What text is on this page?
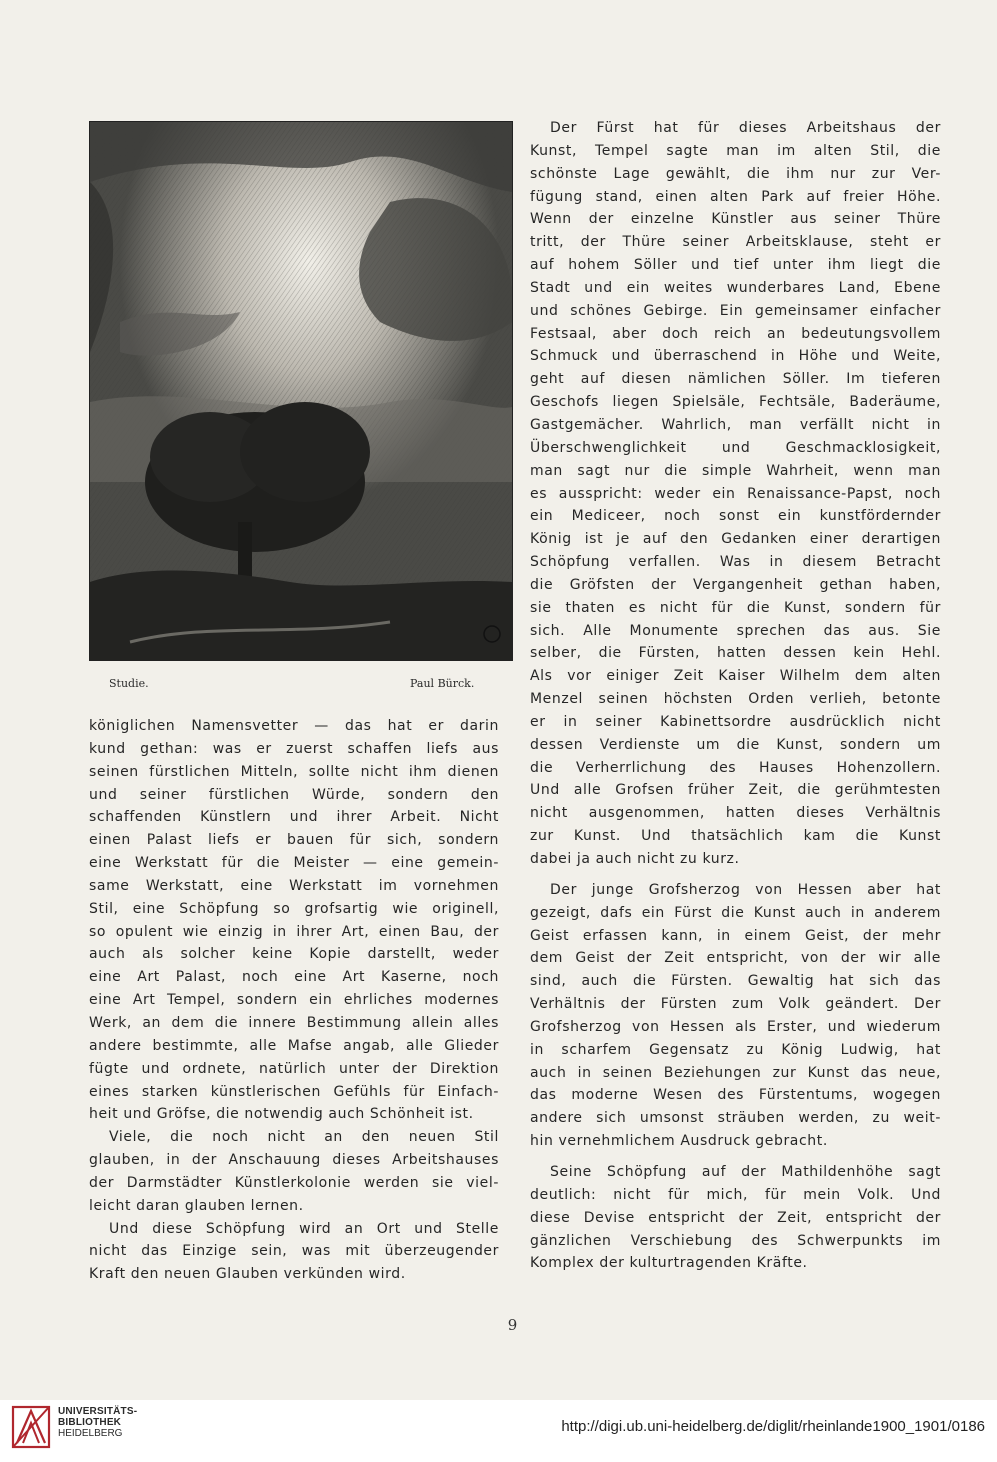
Studie.	Paul Bürck.
königlichen Namensvetter — das hat er darin
kund gethan: was er zuerst schaffen liefs aus
seinen fürstlichen Mitteln, sollte nicht ihm dienen
und seiner fürstlichen Würde, sondern den
schaffenden Künstlern und ihrer Arbeit. Nicht
einen Palast liefs er bauen für sich, sondern
eine Werkstatt für die Meister — eine gemein-
same Werkstatt, eine Werkstatt im vornehmen
Stil, eine Schöpfung so grofsartig wie originell,
so opulent wie einzig in ihrer Art, einen Bau, der
auch als solcher keine Kopie darstellt, weder
eine Art Palast, noch eine Art Kaserne, noch
eine Art Tempel, sondern ein ehrliches modernes
Werk, an dem die innere Bestimmung allein alles
andere bestimmte, alle Mafse angab, alle Glieder
fügte und ordnete, natürlich unter der Direktion
eines starken künstlerischen Gefühls für Einfach-
heit und Gröfse, die notwendig auch Schönheit ist.
Viele, die noch nicht an den neuen Stil
glauben, in der Anschauung dieses Arbeitshauses
der Darmstädter Künstlerkolonie werden sie viel-
leicht daran glauben lernen.
Und diese Schöpfung wird an Ort und Stelle
nicht das Einzige sein, was mit überzeugender
Kraft den neuen Glauben verkünden wird.
Der Fürst hat für dieses Arbeitshaus der
Kunst, Tempel sagte man im alten Stil, die
schönste Lage gewählt, die ihm nur zur Ver-
fügung stand, einen alten Park auf freier Höhe.
Wenn der einzelne Künstler aus seiner Thüre
tritt, der Thüre seiner Arbeitsklause, steht er
auf hohem Söller und tief unter ihm liegt die
Stadt und ein weites wunderbares Land, Ebene
und schönes Gebirge. Ein gemeinsamer einfacher
Festsaal, aber doch reich an bedeutungsvollem
Schmuck und überraschend in Höhe und Weite,
geht auf diesen nämlichen Söller. Im tieferen
Geschofs liegen Spielsäle, Fechtsäle, Baderäume,
Gastgemächer. Wahrlich, man verfällt nicht in
Überschwenglichkeit und Geschmacklosigkeit,
man sagt nur die simple Wahrheit, wenn man
es ausspricht: weder ein Renaissance-Papst, noch
ein Mediceer, noch sonst ein kunstfördernder
König ist je auf den Gedanken einer derartigen
Schöpfung verfallen. Was in diesem Betracht
die Gröfsten der Vergangenheit gethan haben,
sie thaten es nicht für die Kunst, sondern für
sich. Alle Monumente sprechen das aus. Sie
selber, die Fürsten, hatten dessen kein Hehl.
Als vor einiger Zeit Kaiser Wilhelm dem alten
Menzel seinen höchsten Orden verlieh, betonte
er in seiner Kabinettsordre ausdrücklich nicht
dessen Verdienste um die Kunst, sondern um
die Verherrlichung des Hauses Hohenzollern.
Und alle Grofsen früher Zeit, die gerühmtesten
nicht ausgenommen, hatten dieses Verhältnis
zur Kunst. Und thatsächlich kam die Kunst
dabei ja auch nicht zu kurz.
Der junge Grofsherzog von Hessen aber hat
gezeigt, dafs ein Fürst die Kunst auch in anderem
Geist erfassen kann, in einem Geist, der mehr
dem Geist der Zeit entspricht, von der wir alle
sind, auch die Fürsten. Gewaltig hat sich das
Verhältnis der Fürsten zum Volk geändert. Der
Grofsherzog von Hessen als Erster, und wiederum
in scharfem Gegensatz zu König Ludwig, hat
auch in seinen Beziehungen zur Kunst das neue,
das moderne Wesen des Fürstentums, wogegen
andere sich umsonst sträuben werden, zu weit-
hin vernehmlichem Ausdruck gebracht.
Seine Schöpfung auf der Mathildenhöhe sagt
deutlich: nicht für mich, für mein Volk. Und
diese Devise entspricht der Zeit, entspricht der
gänzlichen Verschiebung des Schwerpunkts im
Komplex der kulturtragenden Kräfte.
9
UNIVERSITÄTS-
BIBLIOTHEK
HEIDELBERG	http://digi.ub.uni-heidelberg.de/diglit/rheinlande1900_1901/0186
